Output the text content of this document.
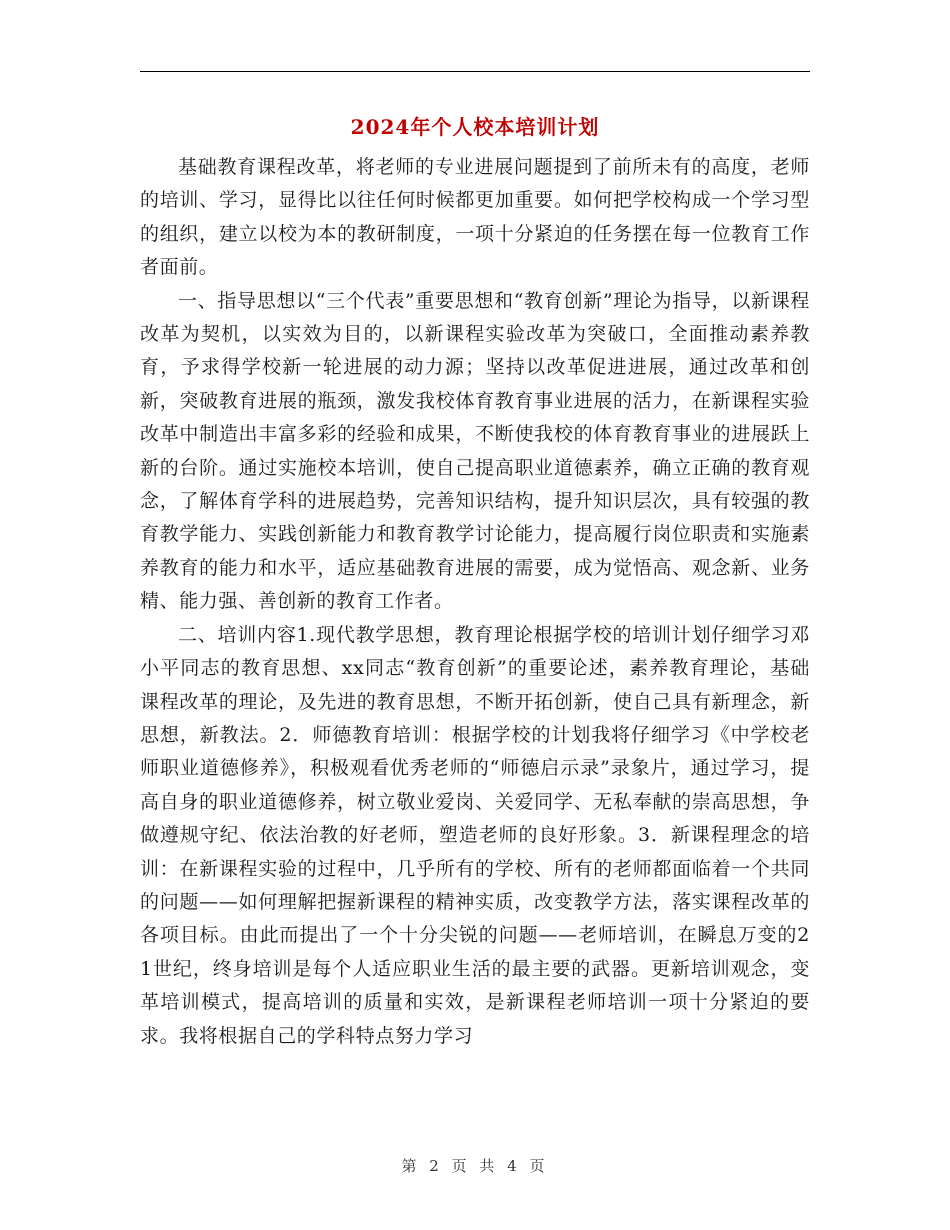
2024年个人校本培训计划

基础教育课程改革，将老师的专业进展问题提到了前所未有的高度，老师的培训、学习，显得比以往任何时候都更加重要。如何把学校构成一个学习型的组织，建立以校为本的教研制度，一项十分紧迫的任务摆在每一位教育工作者面前。

一、指导思想以“三个代表”重要思想和“教育创新”理论为指导，以新课程改革为契机，以实效为目的，以新课程实验改革为突破口，全面推动素养教育，予求得学校新一轮进展的动力源；坚持以改革促进进展，通过改革和创新，突破教育进展的瓶颈，激发我校体育教育事业进展的活力，在新课程实验改革中制造出丰富多彩的经验和成果，不断使我校的体育教育事业的进展跃上新的台阶。通过实施校本培训，使自己提高职业道德素养，确立正确的教育观念，了解体育学科的进展趋势，完善知识结构，提升知识层次，具有较强的教育教学能力、实践创新能力和教育教学讨论能力，提高履行岗位职责和实施素养教育的能力和水平，适应基础教育进展的需要，成为觉悟高、观念新、业务精、能力强、善创新的教育工作者。

二、培训内容1.现代教学思想，教育理论根据学校的培训计划仔细学习邓小平同志的教育思想、xx同志“教育创新”的重要论述，素养教育理论，基础课程改革的理论，及先进的教育思想，不断开拓创新，使自己具有新理念，新思想，新教法。2．师德教育培训：根据学校的计划我将仔细学习《中学校老师职业道德修养》，积极观看优秀老师的“师德启示录”录象片，通过学习，提高自身的职业道德修养，树立敬业爱岗、关爱同学、无私奉献的崇高思想，争做遵规守纪、依法治教的好老师，塑造老师的良好形象。3．新课程理念的培训：在新课程实验的过程中，几乎所有的学校、所有的老师都面临着一个共同的问题——如何理解把握新课程的精神实质，改变教学方法，落实课程改革的各项目标。由此而提出了一个十分尖锐的问题——老师培训，在瞬息万变的21世纪，终身培训是每个人适应职业生活的最主要的武器。更新培训观念，变革培训模式，提高培训的质量和实效，是新课程老师培训一项十分紧迫的要求。我将根据自己的学科特点努力学习

第 2 页 共 4 页
